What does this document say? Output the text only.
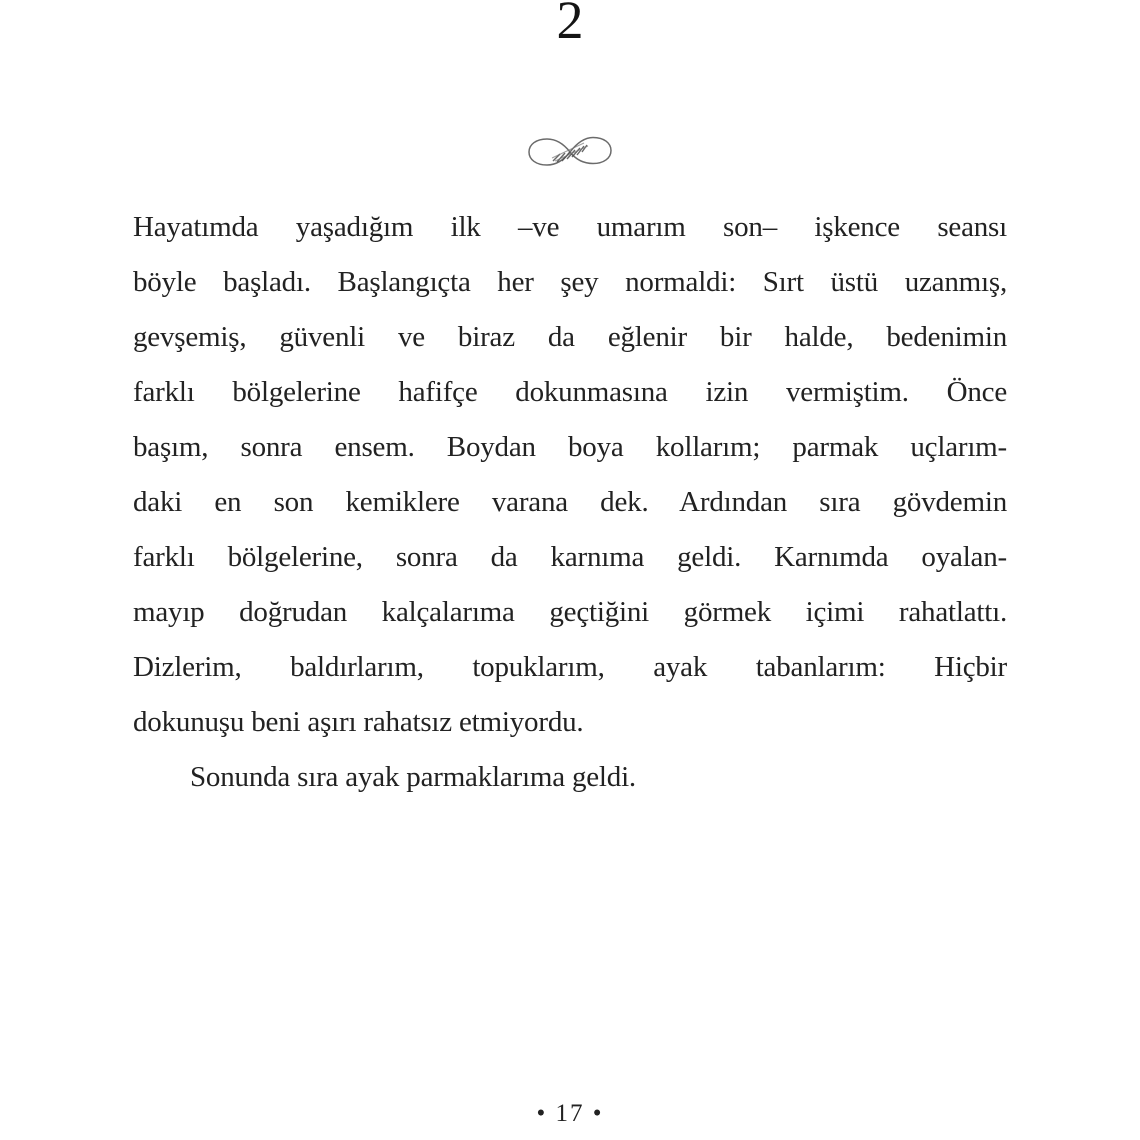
2
Hayatımda yaşadığım ilk –ve umarım son– işkence seansı
böyle başladı. Başlangıçta her şey normaldi: Sırt üstü uzanmış,
gevşemiş, güvenli ve biraz da eğlenir bir halde, bedenimin
farklı bölgelerine hafifçe dokunmasına izin vermiştim. Önce
başım, sonra ensem. Boydan boya kollarım; parmak uçlarım-
daki en son kemiklere varana dek. Ardından sıra gövdemin
farklı bölgelerine, sonra da karnıma geldi. Karnımda oyalan-
mayıp doğrudan kalçalarıma geçtiğini görmek içimi rahatlattı.
Dizlerim, baldırlarım, topuklarım, ayak tabanlarım: Hiçbir
dokunuşu beni aşırı rahatsız etmiyordu.
Sonunda sıra ayak parmaklarıma geldi.
• 17 •
